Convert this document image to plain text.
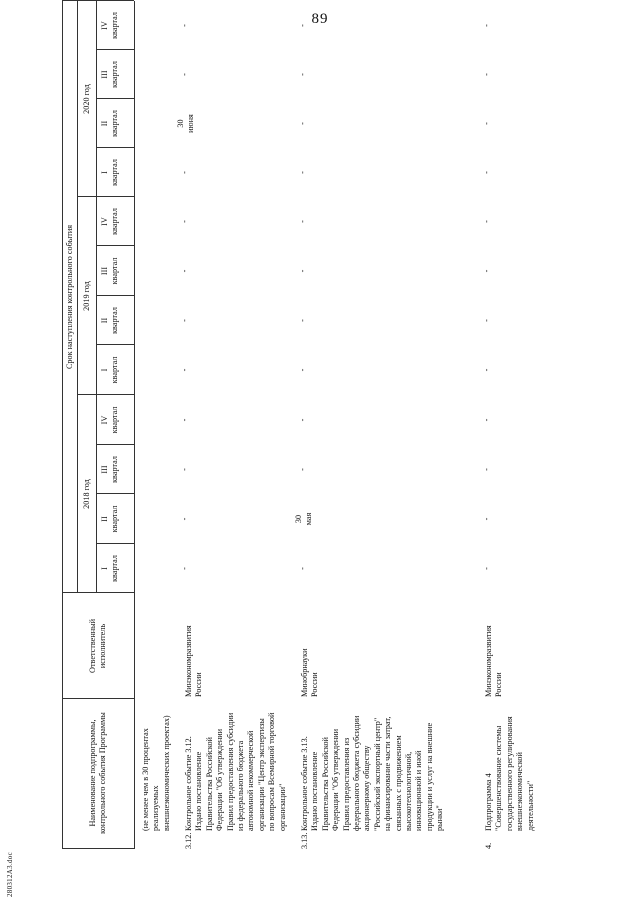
89
280312A3.doc
Наименование подпрограммы,
контрольного события Программы
Ответственный
исполнитель
Срок наступления контрольного события
2018 год
2019 год
2020 год
I квартал
II квартал
III квартал
IV квартал
I квартал
II квартал
III квартал
IV квартал
I квартал
II квартал
III квартал
IV квартал
(не менее чем в 30 процентах
реализуемых
внешнеэкономических проектах)
3.12.
Контрольное событие 3.12.
Издано постановление
Правительства Российской
Федерации "Об утверждении
Правил предоставления субсидии
из федерального бюджета
автономной некоммерческой
организации "Центр экспертизы
по вопросам Всемирной торговой
организации"
Минэкономразвития
России
-
-
-
-
-
-
-
-
-
30
июня
-
-
3.13.
Контрольное событие 3.13.
Издано постановление
Правительства Российской
Федерации "Об утверждении
Правил предоставления из
федерального бюджета субсидии
акционерному обществу
"Российский экспортный центр"
на финансирование части затрат,
связанных с продвижением
высокотехнологичной,
инновационной и иной
продукции и услуг на внешние
рынки"
Минобрнауки
России
-
30
мая
-
-
-
-
-
-
-
-
-
-
4.
Подпрограмма 4
"Совершенствование системы
государственного регулирования
внешнеэкономической
деятельности"
Минэкономразвития
России
-
-
-
-
-
-
-
-
-
-
-
-
